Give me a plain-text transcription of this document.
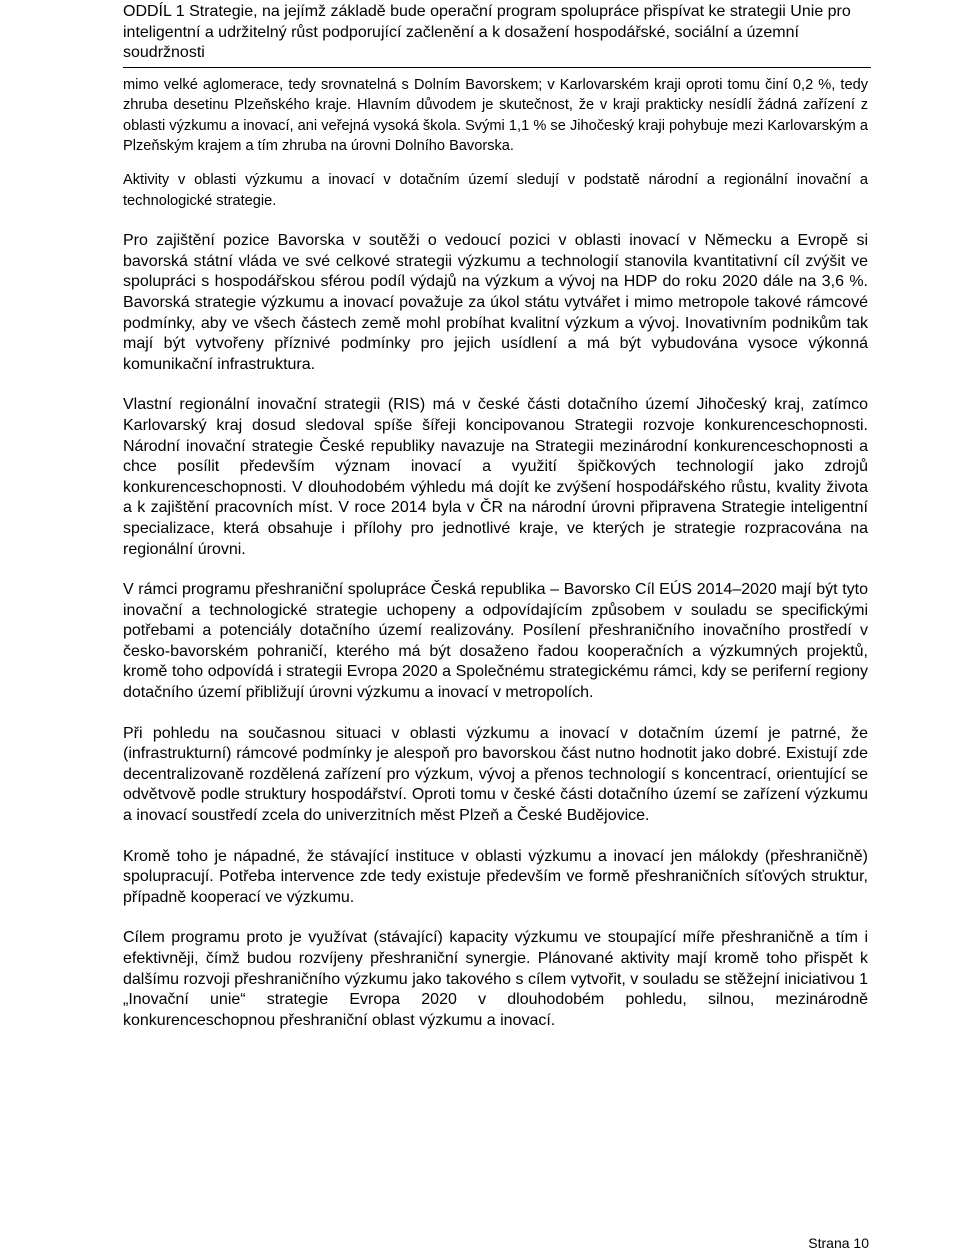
ODDÍL 1 Strategie, na jejímž základě bude operační program spolupráce přispívat ke strategii Unie pro inteligentní a udržitelný růst podporující začlenění a k dosažení hospodářské, sociální a územní soudržnosti

mimo velké aglomerace, tedy srovnatelná s Dolním Bavorskem; v Karlovarském kraji oproti tomu činí 0,2 %, tedy zhruba desetinu Plzeňského kraje. Hlavním důvodem je skutečnost, že v kraji prakticky nesídlí žádná zařízení z oblasti výzkumu a inovací, ani veřejná vysoká škola. Svými 1,1 % se Jihočeský kraji pohybuje mezi Karlovarským a Plzeňským krajem a tím zhruba na úrovni Dolního Bavorska.

Aktivity v oblasti výzkumu a inovací v dotačním území sledují v podstatě národní a regionální inovační a technologické strategie.

Pro zajištění pozice Bavorska v soutěži o vedoucí pozici v oblasti inovací v Německu a Evropě si bavorská státní vláda ve své celkové strategii výzkumu a technologií stanovila kvantitativní cíl zvýšit ve spolupráci s hospodářskou sférou podíl výdajů na výzkum a vývoj na HDP do roku 2020 dále na 3,6 %. Bavorská strategie výzkumu a inovací považuje za úkol státu vytvářet i mimo metropole takové rámcové podmínky, aby ve všech částech země mohl probíhat kvalitní výzkum a vývoj. Inovativním podnikům tak mají být vytvořeny příznivé podmínky pro jejich usídlení a má být vybudována vysoce výkonná komunikační infrastruktura.

Vlastní regionální inovační strategii (RIS) má v české části dotačního území Jihočeský kraj, zatímco Karlovarský kraj dosud sledoval spíše šířeji koncipovanou Strategii rozvoje konkurenceschopnosti. Národní inovační strategie České republiky navazuje na Strategii mezinárodní konkurenceschopnosti a chce posílit především význam inovací a využití špičkových technologií jako zdrojů konkurenceschopnosti. V dlouhodobém výhledu má dojít ke zvýšení hospodářského růstu, kvality života a k zajištění pracovních míst. V roce 2014 byla v ČR na národní úrovni připravena Strategie inteligentní specializace, která obsahuje i přílohy pro jednotlivé kraje, ve kterých je strategie rozpracována na regionální úrovni.

V rámci programu přeshraniční spolupráce Česká republika – Bavorsko Cíl EÚS 2014–2020 mají být tyto inovační a technologické strategie uchopeny a odpovídajícím způsobem v souladu se specifickými potřebami a potenciály dotačního území realizovány. Posílení přeshraničního inovačního prostředí v česko-bavorském pohraničí, kterého má být dosaženo řadou kooperačních a výzkumných projektů, kromě toho odpovídá i strategii Evropa 2020 a Společnému strategickému rámci, kdy se periferní regiony dotačního území přibližují úrovni výzkumu a inovací v metropolích.

Při pohledu na současnou situaci v oblasti výzkumu a inovací v dotačním území je patrné, že (infrastrukturní) rámcové podmínky je alespoň pro bavorskou část nutno hodnotit jako dobré. Existují zde decentralizovaně rozdělená zařízení pro výzkum, vývoj a přenos technologií s koncentrací, orientující se odvětvově podle struktury hospodářství. Oproti tomu v české části dotačního území se zařízení výzkumu a inovací soustředí zcela do univerzitních měst Plzeň a České Budějovice.

Kromě toho je nápadné, že stávající instituce v oblasti výzkumu a inovací jen málokdy (přeshraničně) spolupracují. Potřeba intervence zde tedy existuje především ve formě přeshraničních síťových struktur, případně kooperací ve výzkumu.

Cílem programu proto je využívat (stávající) kapacity výzkumu ve stoupající míře přeshraničně a tím i efektivněji, čímž budou rozvíjeny přeshraniční synergie. Plánované aktivity mají kromě toho přispět k dalšímu rozvoji přeshraničního výzkumu jako takového s cílem vytvořit, v souladu se stěžejní iniciativou 1 „Inovační unie“ strategie Evropa 2020 v dlouhodobém pohledu, silnou, mezinárodně konkurenceschopnou přeshraniční oblast výzkumu a inovací.

Strana 10
